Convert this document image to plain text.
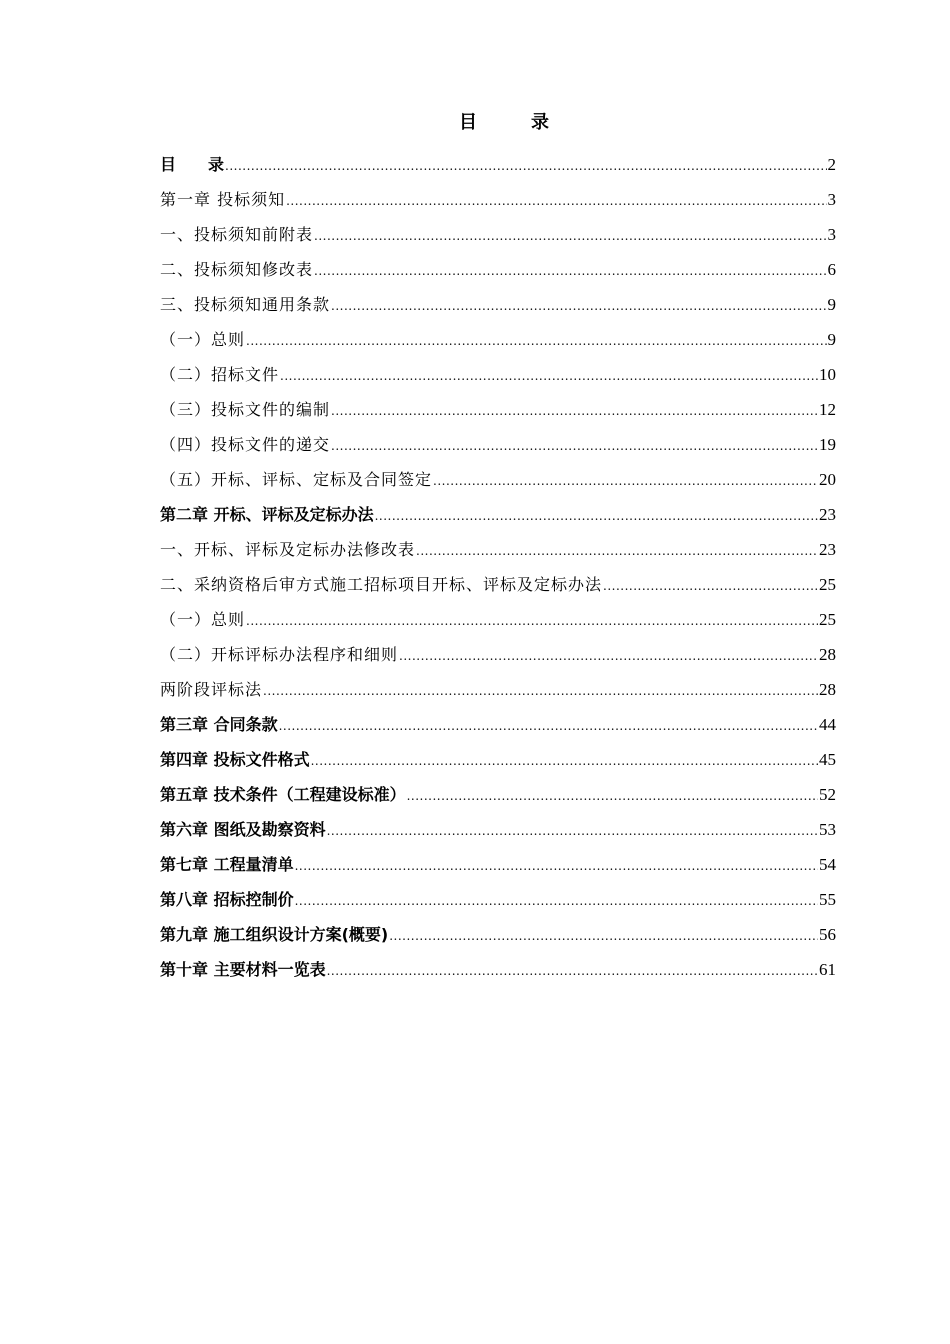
目　　　录
目　　录 .....	2
第一章 投标须知 .....	3
一、投标须知前附表 .....	3
二、投标须知修改表 .....	6
三、投标须知通用条款 .....	9
（一）总则 .....	9
（二）招标文件 .....	10
（三）投标文件的编制 .....	12
（四）投标文件的递交 .....	19
（五）开标、评标、定标及合同签定 .....	20
第二章 开标、评标及定标办法 .....	23
一、开标、评标及定标办法修改表 .....	23
二、采纳资格后审方式施工招标项目开标、评标及定标办法 .....	25
（一）总则 .....	25
（二）开标评标办法程序和细则 .....	28
两阶段评标法 .....	28
第三章 合同条款 .....	44
第四章 投标文件格式 .....	45
第五章 技术条件（工程建设标准） .....	52
第六章 图纸及勘察资料 .....	53
第七章 工程量清单 .....	54
第八章 招标控制价 .....	55
第九章 施工组织设计方案(概要) .....	56
第十章 主要材料一览表 .....	61
